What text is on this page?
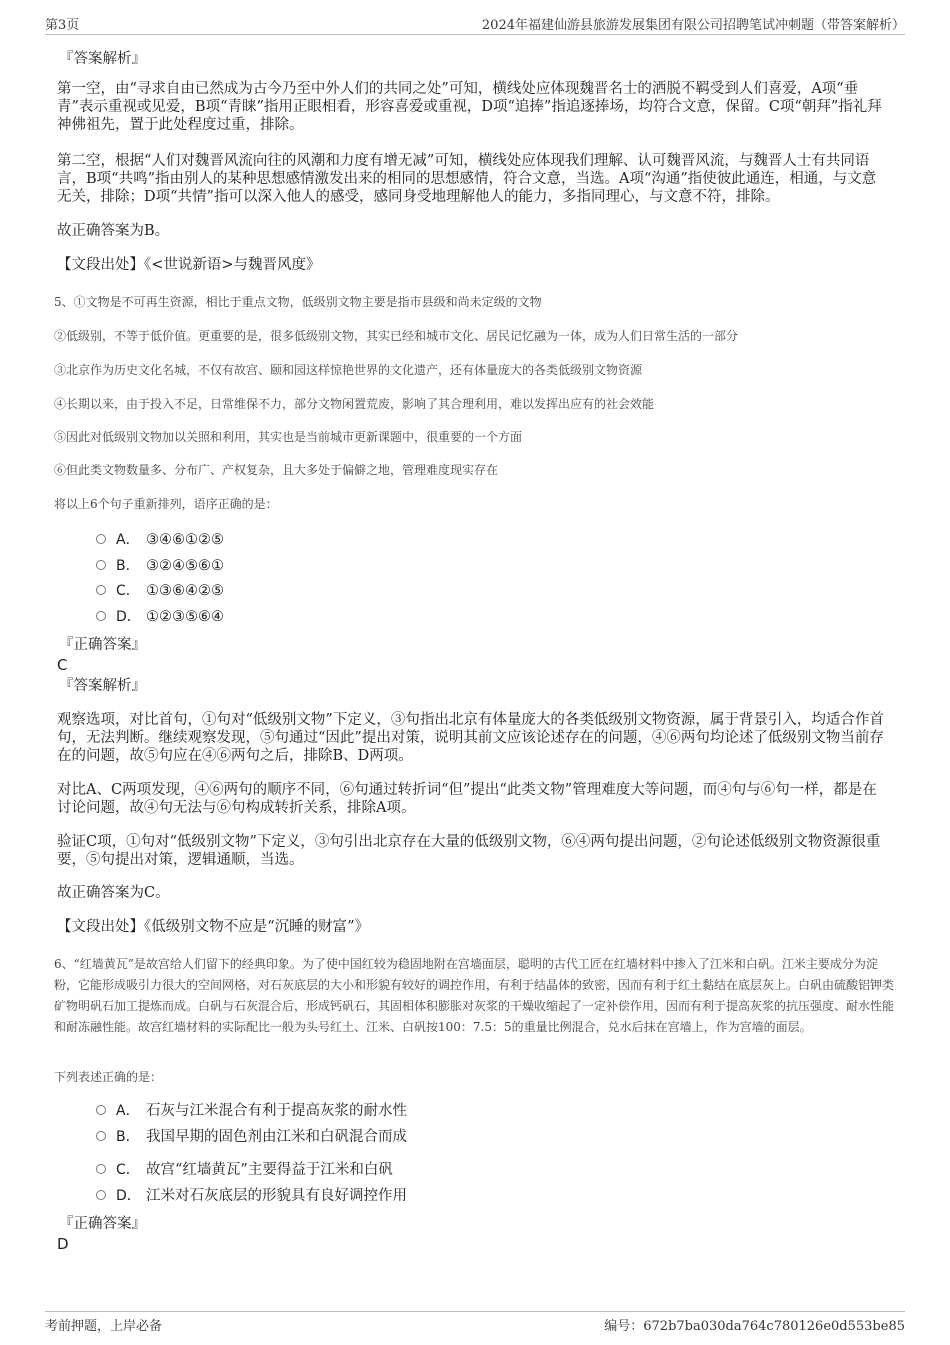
第3页	2024年福建仙游县旅游发展集团有限公司招聘笔试冲刺题（带答案解析）
『答案解析』
第一空，由“寻求自由已然成为古今乃至中外人们的共同之处”可知，横线处应体现魏晋名士的洒脱不羁受到人们喜爱，A项“垂青”表示重视或见爱，B项“青睐”指用正眼相看，形容喜爱或重视，D项“追捧”指追逐捧场，均符合文意，保留。C项“朝拜”指礼拜神佛祖先，置于此处程度过重，排除。
第二空，根据“人们对魏晋风流向往的风潮和力度有增无减”可知，横线处应体现我们理解、认可魏晋风流，与魏晋人士有共同语言，B项“共鸣”指由别人的某种思想感情激发出来的相同的思想感情，符合文意，当选。A项“沟通”指使彼此通连，相通，与文意无关，排除；D项“共情”指可以深入他人的感受，感同身受地理解他人的能力，多指同理心，与文意不符，排除。
故正确答案为B。
【文段出处】《<世说新语>与魏晋风度》
5、①文物是不可再生资源，相比于重点文物，低级别文物主要是指市县级和尚未定级的文物
②低级别，不等于低价值。更重要的是，很多低级别文物，其实已经和城市文化、居民记忆融为一体，成为人们日常生活的一部分
③北京作为历史文化名城，不仅有故宫、颐和园这样惊艳世界的文化遗产，还有体量庞大的各类低级别文物资源
④长期以来，由于投入不足，日常维保不力，部分文物闲置荒废，影响了其合理利用，难以发挥出应有的社会效能
⑤因此对低级别文物加以关照和利用，其实也是当前城市更新课题中，很重要的一个方面
⑥但此类文物数量多、分布广、产权复杂，且大多处于偏僻之地，管理难度现实存在
将以上6个句子重新排列，语序正确的是：
A． ③④⑥①②⑤
B． ③②④⑤⑥①
C． ①③⑥④②⑤
D． ①②③⑤⑥④
『正确答案』
C
『答案解析』
观察选项，对比首句，①句对“低级别文物”下定义，③句指出北京有体量庞大的各类低级别文物资源，属于背景引入，均适合作首句，无法判断。继续观察发现，⑤句通过“因此”提出对策，说明其前文应该论述存在的问题，④⑥两句均论述了低级别文物当前存在的问题，故⑤句应在④⑥两句之后，排除B、D两项。
对比A、C两项发现，④⑥两句的顺序不同，⑥句通过转折词“但”提出“此类文物”管理难度大等问题，而④句与⑥句一样，都是在讨论问题，故④句无法与⑥句构成转折关系，排除A项。
验证C项，①句对“低级别文物”下定义，③句引出北京存在大量的低级别文物，⑥④两句提出问题，②句论述低级别文物资源很重要，⑤句提出对策，逻辑通顺，当选。
故正确答案为C。
【文段出处】《低级别文物不应是“沉睡的财富”》
6、“红墙黄瓦”是故宫给人们留下的经典印象。为了使中国红较为稳固地附在宫墙面层，聪明的古代工匠在红墙材料中掺入了江米和白矾。江米主要成分为淀粉，它能形成吸引力很大的空间网格，对石灰底层的大小和形貌有较好的调控作用，有利于结晶体的致密，因而有利于红土黏结在底层灰上。白矾由硫酸铝钾类矿物明矾石加工提炼而成。白矾与石灰混合后，形成钙矾石，其固相体积膨胀对灰浆的干燥收缩起了一定补偿作用，因而有利于提高灰浆的抗压强度、耐水性能和耐冻融性能。故宫红墙材料的实际配比一般为头号红土、江米、白矾按100：7.5：5的重量比例混合，兑水后抹在宫墙上，作为宫墙的面层。
下列表述正确的是：
A． 石灰与江米混合有利于提高灰浆的耐水性
B． 我国早期的固色剂由江米和白矾混合而成
C． 故宫“红墙黄瓦”主要得益于江米和白矾
D． 江米对石灰底层的形貌具有良好调控作用
『正确答案』
D
考前押题，上岸必备	编号：672b7ba030da764c780126e0d553be85
